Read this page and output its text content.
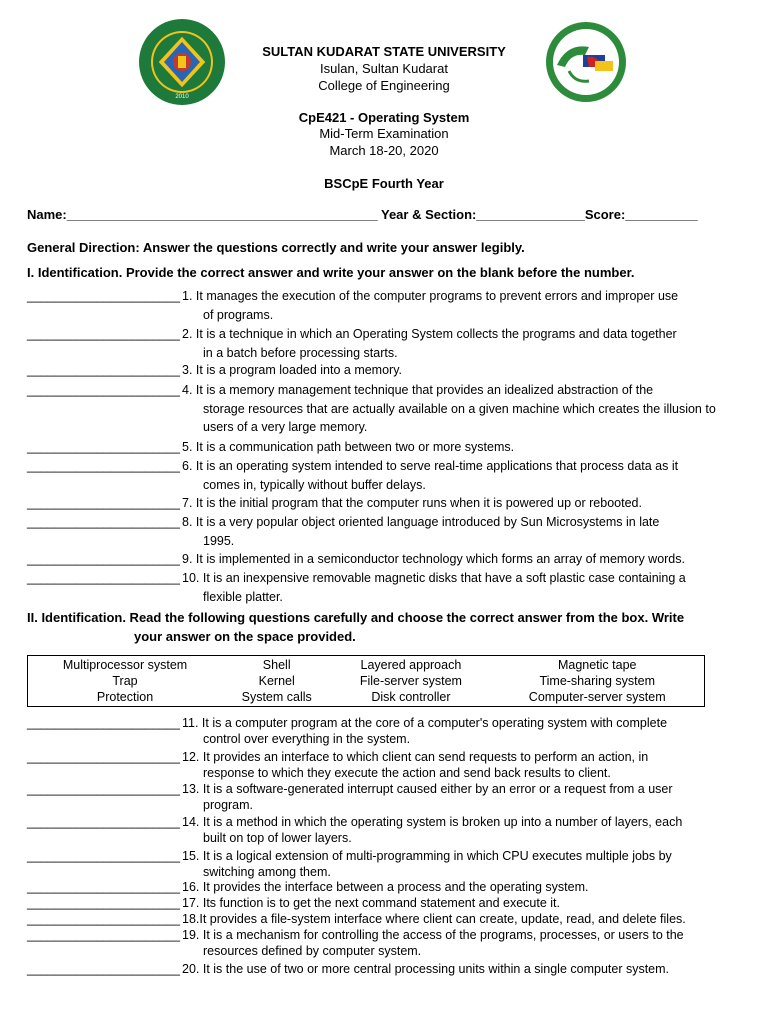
2010
SULTAN KUDARAT STATE UNIVERSITY
Isulan, Sultan Kudarat
College of Engineering
CpE421 - Operating System
Mid-Term Examination
March 18-20, 2020
BSCpE Fourth Year
Name:___________________________________________ Year & Section:_______________Score:__________
General Direction: Answer the questions correctly and write your answer legibly.
I. Identification. Provide the correct answer and write your answer on the blank before the number.
______________________ 1. It manages the execution of the computer programs to prevent errors and improper use
of programs.
______________________ 2. It is a technique in which an Operating System collects the programs and data together
in a batch before processing starts.
______________________ 3. It is a program loaded into a memory.
______________________ 4. It is a memory management technique that provides an idealized abstraction of the
storage resources that are actually available on a given machine which creates the illusion to users of a very large memory.
______________________ 5. It is a communication path between two or more systems.
______________________ 6. It is an operating system intended to serve real-time applications that process data as it
comes in, typically without buffer delays.
______________________ 7. It is the initial program that the computer runs when it is powered up or rebooted.
______________________ 8. It is a very popular object oriented language introduced by Sun Microsystems in late
1995.
______________________ 9. It is implemented in a semiconductor technology which forms an array of memory words.
______________________ 10. It is an inexpensive removable magnetic disks that have a soft plastic case containing a
flexible platter.
II. Identification. Read the following questions carefully and choose the correct answer from the box. Write
your answer on the space provided.
Multiprocessor system	Shell	Layered approach	Magnetic tape
Trap	Kernel	File-server system	Time-sharing system
Protection	System calls	Disk controller	Computer-server system
______________________ 11. It is a computer program at the core of a computer's operating system with complete
control over everything in the system.
______________________ 12. It provides an interface to which client can send requests to perform an action, in
response to which they execute the action and send back results to client.
______________________ 13. It is a software-generated interrupt caused either by an error or a request from a user
program.
______________________ 14. It is a method in which the operating system is broken up into a number of layers, each
built on top of lower layers.
______________________ 15. It is a logical extension of multi-programming in which CPU executes multiple jobs by
switching among them.
______________________ 16. It provides the interface between a process and the operating system.
______________________ 17. Its function is to get the next command statement and execute it.
______________________ 18.It provides a file-system interface where client can create, update, read, and delete files.
______________________ 19. It is a mechanism for controlling the access of the programs, processes, or users to the
resources defined by computer system.
______________________ 20. It is the use of two or more central processing units within a single computer system.
